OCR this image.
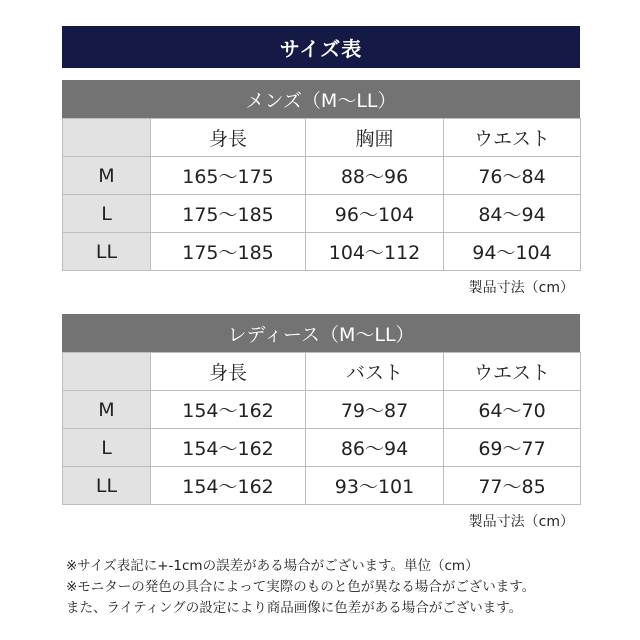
サイズ表
メンズ（M～LL）
	身長	胸囲	ウエスト
M	165～175	88～96	76～84
L	175～185	96～104	84～94
LL	175～185	104～112	94～104
製品寸法（cm）
レディース（M～LL）
	身長	バスト	ウエスト
M	154～162	79～87	64～70
L	154～162	86～94	69～77
LL	154～162	93～101	77～85
製品寸法（cm）
※サイズ表記に+-1cmの誤差がある場合がございます。単位（cm）
※モニターの発色の具合によって実際のものと色が異なる場合がございます。
また、ライティングの設定により商品画像に色差がある場合がございます。
